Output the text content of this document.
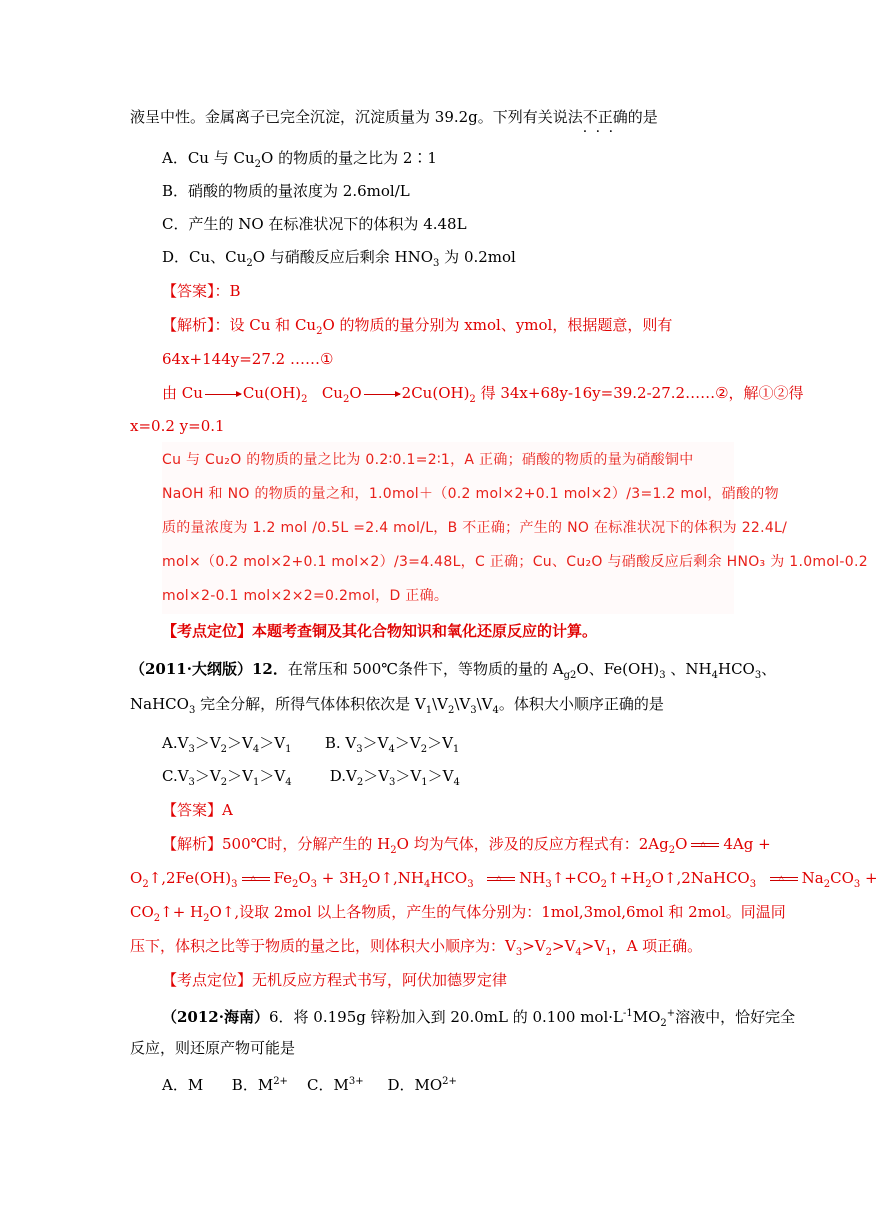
液呈中性。金属离子已完全沉淀，沉淀质量为 39.2g。下列有关说法不正确 · · ·的是
A．Cu 与 $Cu_2O$ 的物质的量之比为 2∶1
B．硝酸的物质的量浓度为 2.6mol/L
C．产生的 NO 在标准状况下的体积为 4.48L
D．Cu、$Cu_2O$ 与硝酸反应后剩余 $HNO_3$ 为 0.2mol
【答案】：B
【解析】：设 Cu 和 $Cu_2O$ 的物质的量分别为 xmol、ymol，根据题意，则有
64x+144y=27.2 ……①
由 Cu	$Cu(OH)_2$   $Cu_2O$	$2Cu(OH)_2$ 得 34x+68y-16y=39.2-27.2……②，解①②得
x=0.2 y=0.1
Cu 与 Cu₂O 的物质的量之比为 0.2∶0.1=2∶1，A 正确；硝酸的物质的量为硝酸铜中
NaOH 和 NO 的物质的量之和，1.0mol＋（0.2 mol×2+0.1 mol×2）/3=1.2 mol，硝酸的物
质的量浓度为 1.2 mol /0.5L =2.4 mol/L，B 不正确；产生的 NO 在标准状况下的体积为 22.4L/
mol×（0.2 mol×2+0.1 mol×2）/3=4.48L，C 正确；Cu、Cu₂O 与硝酸反应后剩余 HNO₃ 为 1.0mol-0.2
mol×2-0.1 mol×2×2=0.2mol，D 正确。
【考点定位】本题考查铜及其化合物知识和氧化还原反应的计算。
（2011·大纲版）12．在常压和 500℃条件下，等物质的量的 $A_{g2}O$、$Fe(OH)_3$ 、$NH_4HCO_3$、
NaHCO$_3$ 完全分解，所得气体体积依次是 $V_1\backslash V_2\backslash V_3\backslash V_4$。体积大小顺序正确的是
$A.V_3>V_2>V_4>V_1$       B. $V_3>V_4>V_2>V_1$
$C.V_3>V_2>V_1>V_4$        $D.V_2>V_3>V_1>V_4$
【答案】A
【解析】500℃时，分解产生的 $H_2O$ 均为气体，涉及的反应方程式有：$2Ag_2O\triangle$ 4Ag +
$O_2↑,2Fe(OH)_3\triangle$ $Fe_2O_3$ + $3H_2O↑,NH_4HCO_3$  △	$NH_3↑+CO_2↑+H_2O↑,2NaHCO_3$  △	$Na_2CO_3$ +
$CO_2↑+$ $H_2O↑$,设取 2mol 以上各物质，产生的气体分别为：1mol,3mol,6mol 和 2mol。同温同
压下，体积之比等于物质的量之比，则体积大小顺序为：$V_3>V_2>V_4>V_1$，A 项正确。
【考点定位】无机反应方程式书写，阿伏加德罗定律
（2012·海南）6．将 0.195g 锌粉加入到 20.0mL 的 0.100 $mol\cdot L^{-1}MO_2^+$溶液中，恰好完全
反应，则还原产物可能是
A．M      B．$M^{2+}$    C．$M^{3+}$     D．$MO^{2+}$
